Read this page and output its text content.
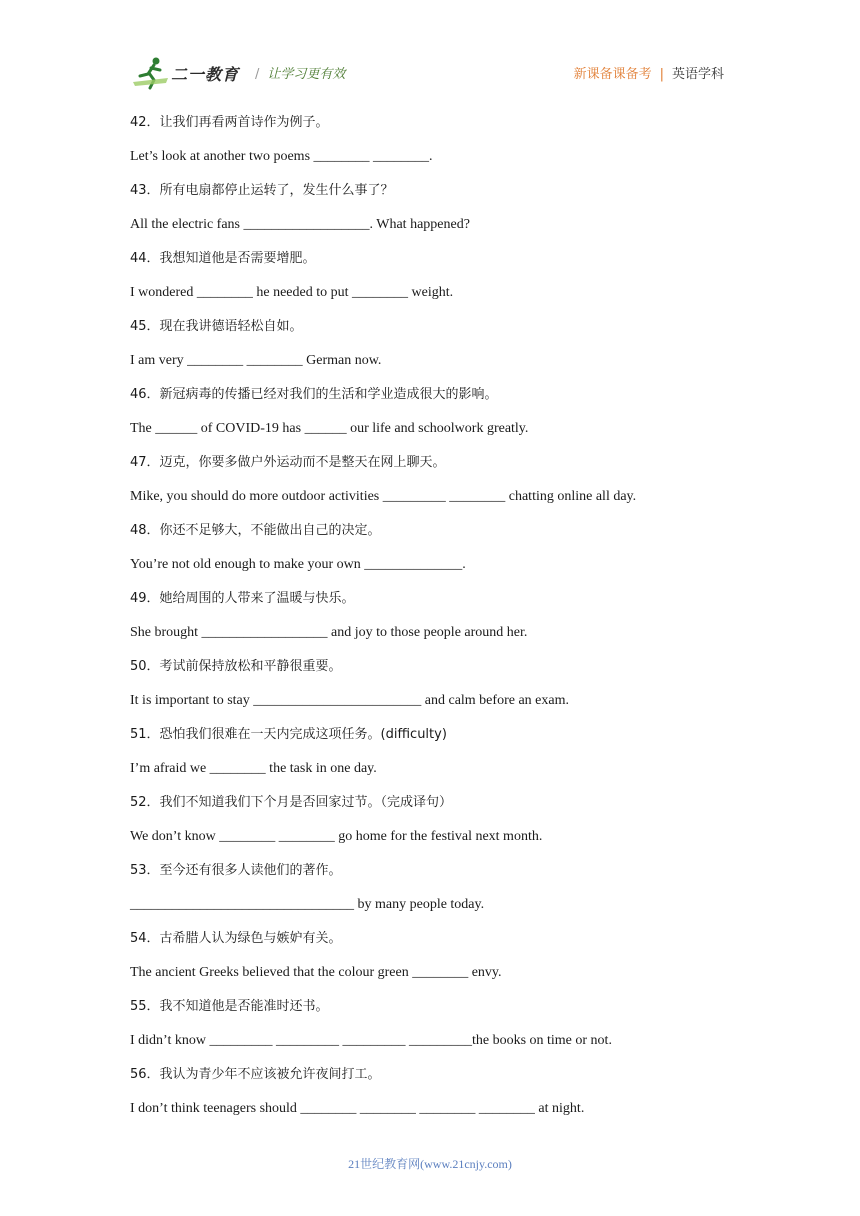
二一教育 / 让学习更有效	新课备课备考 | 英语学科
42．让我们再看两首诗作为例子。
Let’s look at another two poems ________ ________.
43．所有电扇都停止运转了，发生什么事了？
All the electric fans __________________. What happened?
44．我想知道他是否需要增肥。
I wondered ________ he needed to put ________ weight.
45．现在我讲德语轻松自如。
I am very ________ ________ German now.
46．新冠病毒的传播已经对我们的生活和学业造成很大的影响。
The ______ of COVID-19 has ______ our life and schoolwork greatly.
47．迈克，你要多做户外运动而不是整天在网上聊天。
Mike, you should do more outdoor activities _________ ________ chatting online all day.
48．你还不足够大，不能做出自己的决定。
You’re not old enough to make your own ______________.
49．她给周围的人带来了温暖与快乐。
She brought __________________ and joy to those people around her.
50．考试前保持放松和平静很重要。
It is important to stay ________________________ and calm before an exam.
51．恐怕我们很难在一天内完成这项任务。(difficulty)
I’m afraid we ________ the task in one day.
52．我们不知道我们下个月是否回家过节。（完成译句）
We don’t know ________ ________ go home for the festival next month.
53．至今还有很多人读他们的著作。
________________________________ by many people today.
54．古希腊人认为绿色与嫉妒有关。
The ancient Greeks believed that the colour green ________ envy.
55．我不知道他是否能准时还书。
I didn’t know _________ _________ _________ _________the books on time or not.
56．我认为青少年不应该被允许夜间打工。
I don’t think teenagers should ________ ________ ________ ________ at night.
21世纪教育网(www.21cnjy.com)
